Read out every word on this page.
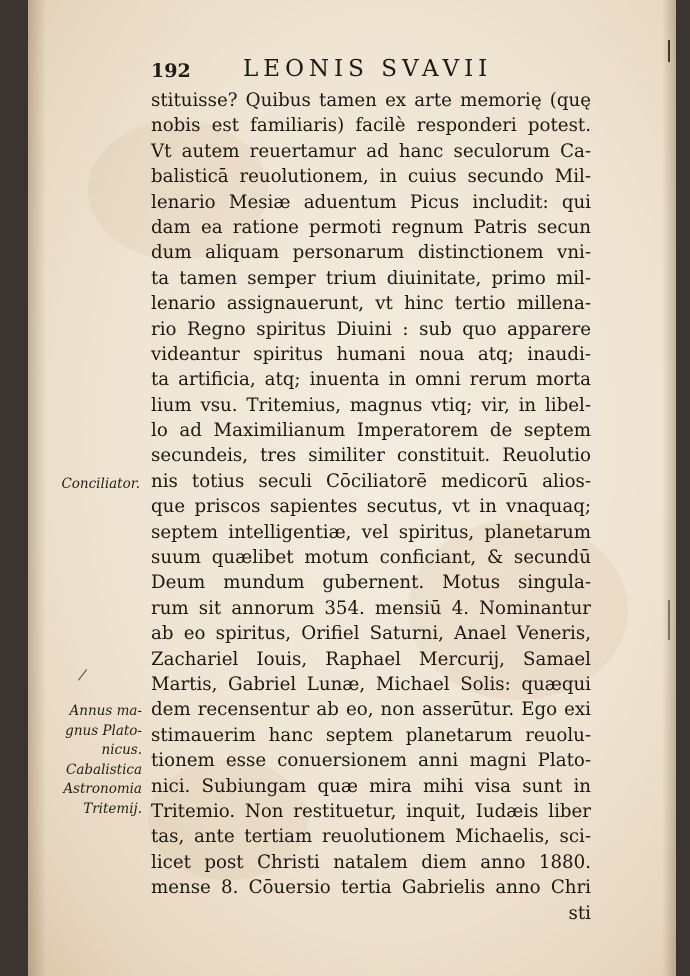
192 LEONIS SVAVII
Conciliator.
/
Annus ma-
gnus Plato-
nicus.
Cabalistica
Astronomia
Tritemij.
stituisse? Quibus tamen ex arte memorię (quę
nobis est familiaris) facilè responderi potest.
Vt autem reuertamur ad hanc seculorum Ca-
balisticā reuolutionem, in cuius secundo Mil-
lenario Mesiæ aduentum Picus includit: qui
dam ea ratione permoti regnum Patris secun
dum aliquam personarum distinctionem vni-
ta tamen semper trium diuinitate, primo mil-
lenario assignauerunt, vt hinc tertio millena-
rio Regno spiritus Diuini : sub quo apparere
videantur spiritus humani noua atq; inaudi-
ta artificia, atq; inuenta in omni rerum morta
lium vsu. Tritemius, magnus vtiq; vir, in libel-
lo ad Maximilianum Imperatorem de septem
secundeis, tres similiter constituit. Reuolutio
nis totius seculi Cōciliatorē medicorū alios-
que priscos sapientes secutus, vt in vnaquaq;
septem intelligentiæ, vel spiritus, planetarum
suum quælibet motum conficiant, & secundū
Deum mundum gubernent. Motus singula-
rum sit annorum 354. mensiū 4. Nominantur
ab eo spiritus, Orifiel Saturni, Anael Veneris,
Zachariel Iouis, Raphael Mercurij, Samael
Martis, Gabriel Lunæ, Michael Solis: quæqui
dem recensentur ab eo, non asserūtur. Ego exi
stimauerim hanc septem planetarum reuolu-
tionem esse conuersionem anni magni Plato-
nici. Subiungam quæ mira mihi visa sunt in
Tritemio. Non restituetur, inquit, Iudæis liber
tas, ante tertiam reuolutionem Michaelis, sci-
licet post Christi natalem diem anno 1880.
mense 8. Cōuersio tertia Gabrielis anno Chri
sti
